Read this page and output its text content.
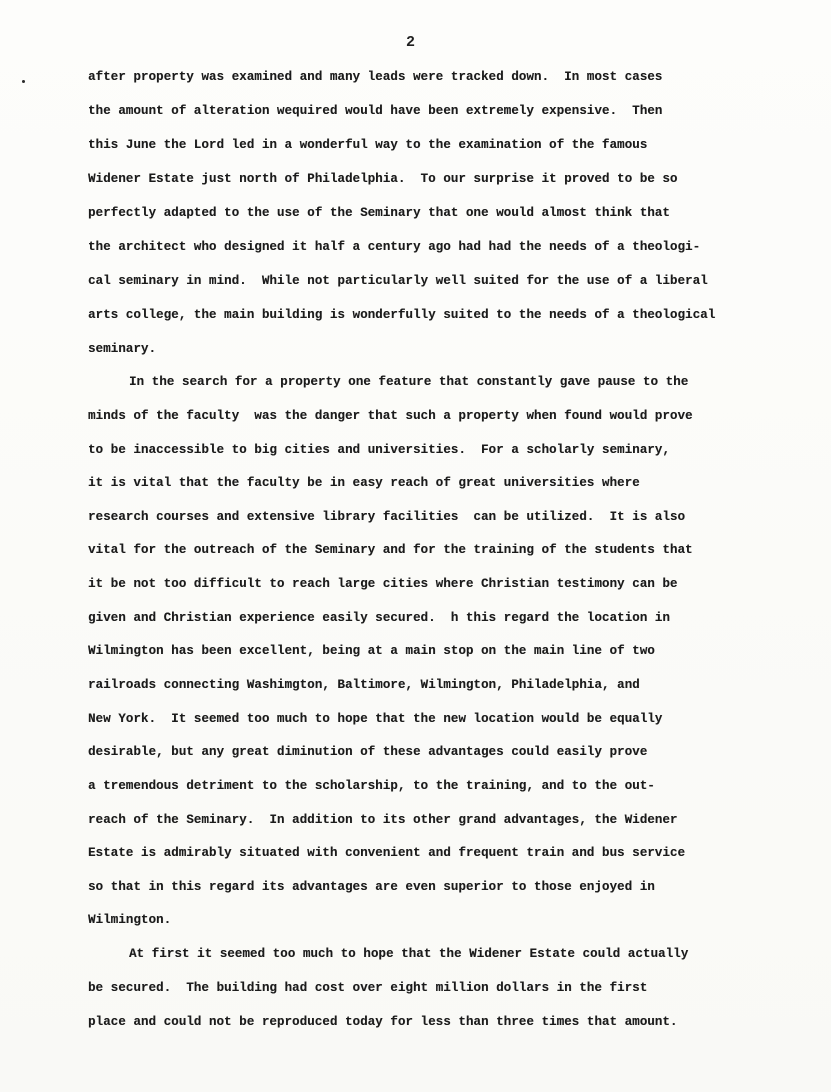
2
after property was examined and many leads were tracked down.  In most cases
the amount of alteration wequired would have been extremely expensive.  Then
this June the Lord led in a wonderful way to the examination of the famous
Widener Estate just north of Philadelphia.  To our surprise it proved to be so
perfectly adapted to the use of the Seminary that one would almost think that
the architect who designed it half a century ago had had the needs of a theologi-
cal seminary in mind.  While not particularly well suited for the use of a liberal
arts college, the main building is wonderfully suited to the needs of a theological
seminary.
In the search for a property one feature that constantly gave pause to the
minds of the faculty  was the danger that such a property when found would prove
to be inaccessible to big cities and universities.  For a scholarly seminary,
it is vital that the faculty be in easy reach of great universities where
research courses and extensive library facilities  can be utilized.  It is also
vital for the outreach of the Seminary and for the training of the students that
it be not too difficult to reach large cities where Christian testimony can be
given and Christian experience easily secured.  h this regard the location in
Wilmington has been excellent, being at a main stop on the main line of two
railroads connecting Washimgton, Baltimore, Wilmington, Philadelphia, and
New York.  It seemed too much to hope that the new location would be equally
desirable, but any great diminution of these advantages could easily prove
a tremendous detriment to the scholarship, to the training, and to the out-
reach of the Seminary.  In addition to its other grand advantages, the Widener
Estate is admirably situated with convenient and frequent train and bus service
so that in this regard its advantages are even superior to those enjoyed in
Wilmington.
At first it seemed too much to hope that the Widener Estate could actually
be secured.  The building had cost over eight million dollars in the first
place and could not be reproduced today for less than three times that amount.
